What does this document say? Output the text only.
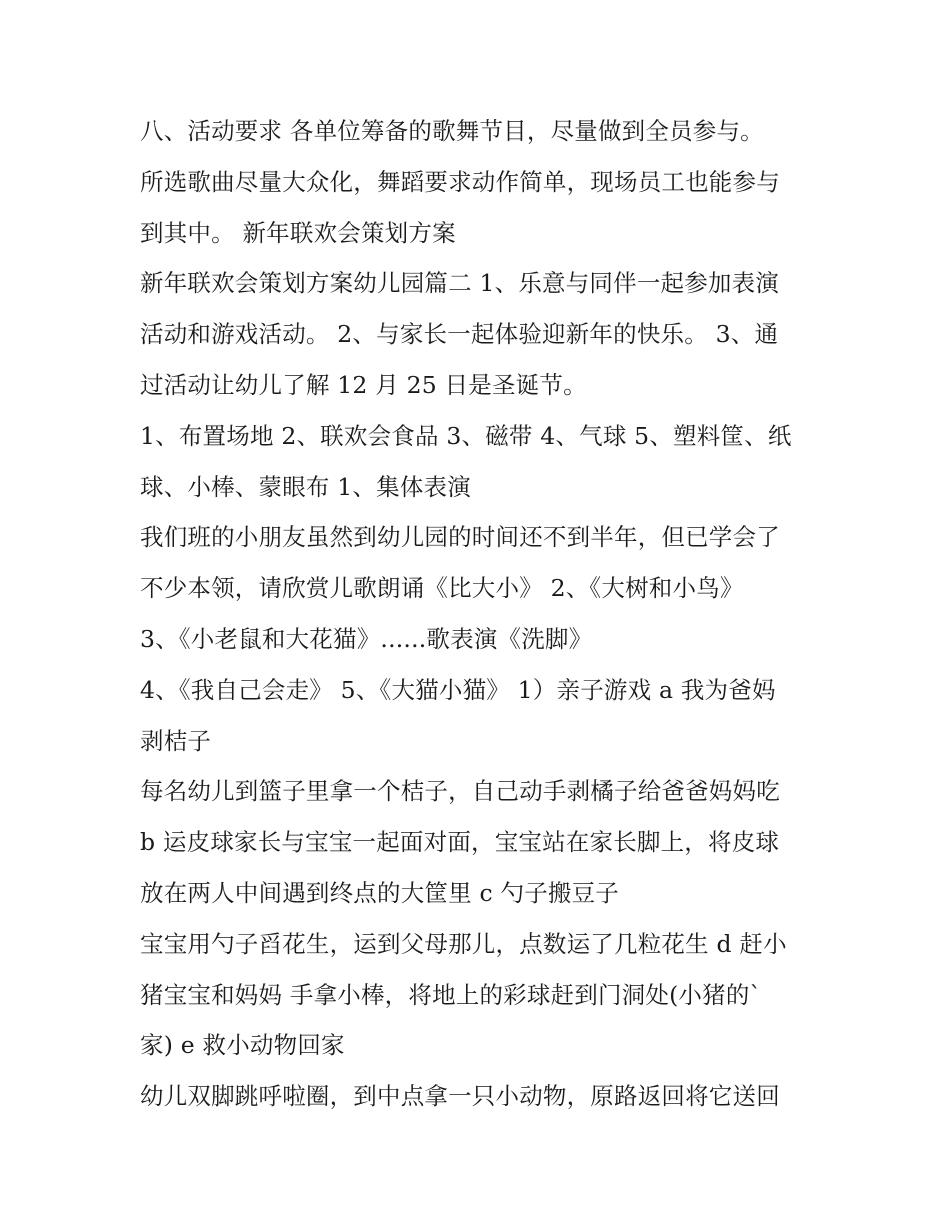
八、活动要求 各单位筹备的歌舞节目，尽量做到全员参与。
所选歌曲尽量大众化，舞蹈要求动作简单，现场员工也能参与
到其中。 新年联欢会策划方案
新年联欢会策划方案幼儿园篇二 1、乐意与同伴一起参加表演
活动和游戏活动。 2、与家长一起体验迎新年的快乐。 3、通
过活动让幼儿了解 12 月 25 日是圣诞节。
1、布置场地 2、联欢会食品 3、磁带 4、气球 5、塑料筐、纸
球、小棒、蒙眼布 1、集体表演
我们班的小朋友虽然到幼儿园的时间还不到半年，但已学会了
不少本领，请欣赏儿歌朗诵《比大小》 2、《大树和小鸟》
3、《小老鼠和大花猫》......歌表演《洗脚》
4、《我自己会走》 5、《大猫小猫》 1）亲子游戏 a 我为爸妈
剥桔子
每名幼儿到篮子里拿一个桔子，自己动手剥橘子给爸爸妈妈吃
b 运皮球家长与宝宝一起面对面，宝宝站在家长脚上，将皮球
放在两人中间遇到终点的大筐里 c 勺子搬豆子
宝宝用勺子舀花生，运到父母那儿，点数运了几粒花生 d 赶小
猪宝宝和妈妈 手拿小棒，将地上的彩球赶到门洞处(小猪的`
家) e 救小动物回家
幼儿双脚跳呼啦圈，到中点拿一只小动物，原路返回将它送回
